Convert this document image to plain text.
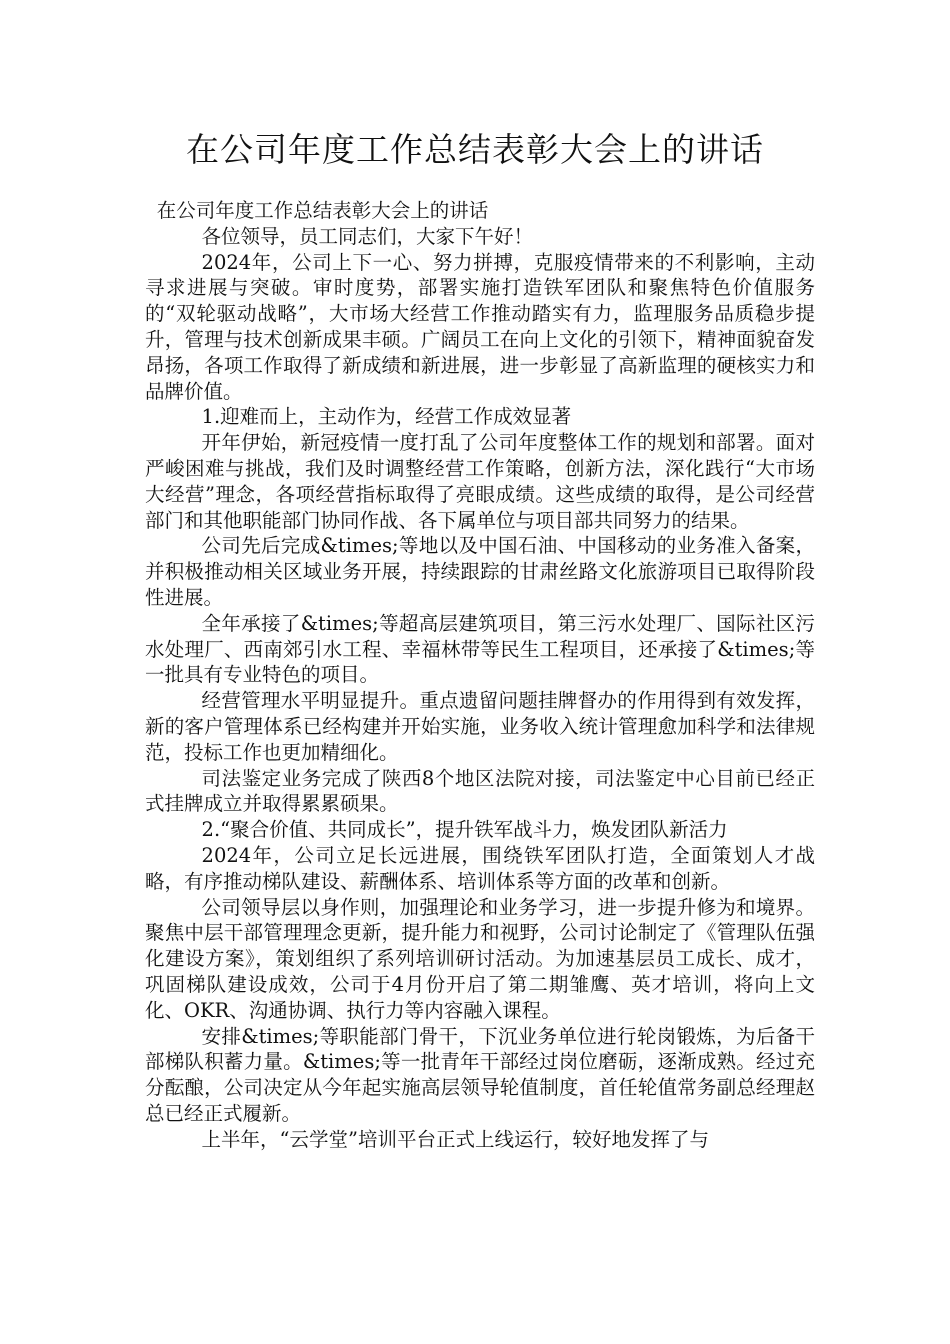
在公司年度工作总结表彰大会上的讲话

在公司年度工作总结表彰大会上的讲话

各位领导，员工同志们，大家下午好！

2024年，公司上下一心、努力拼搏，克服疫情带来的不利影响，主动寻求进展与突破。审时度势，部署实施打造铁军团队和聚焦特色价值服务的“双轮驱动战略”，大市场大经营工作推动踏实有力，监理服务品质稳步提升，管理与技术创新成果丰硕。广阔员工在向上文化的引领下，精神面貌奋发昂扬，各项工作取得了新成绩和新进展，进一步彰显了高新监理的硬核实力和品牌价值。

1.迎难而上，主动作为，经营工作成效显著

开年伊始，新冠疫情一度打乱了公司年度整体工作的规划和部署。面对严峻困难与挑战，我们及时调整经营工作策略，创新方法，深化践行“大市场大经营”理念，各项经营指标取得了亮眼成绩。这些成绩的取得，是公司经营部门和其他职能部门协同作战、各下属单位与项目部共同努力的结果。

公司先后完成&times;等地以及中国石油、中国移动的业务准入备案，并积极推动相关区域业务开展，持续跟踪的甘肃丝路文化旅游项目已取得阶段性进展。

全年承接了&times;等超高层建筑项目，第三污水处理厂、国际社区污水处理厂、西南郊引水工程、幸福林带等民生工程项目，还承接了&times;等一批具有专业特色的项目。

经营管理水平明显提升。重点遗留问题挂牌督办的作用得到有效发挥，新的客户管理体系已经构建并开始实施，业务收入统计管理愈加科学和法律规范，投标工作也更加精细化。

司法鉴定业务完成了陕西8个地区法院对接，司法鉴定中心目前已经正式挂牌成立并取得累累硕果。

2.“聚合价值、共同成长”，提升铁军战斗力，焕发团队新活力

2024年，公司立足长远进展，围绕铁军团队打造，全面策划人才战略，有序推动梯队建设、薪酬体系、培训体系等方面的改革和创新。

公司领导层以身作则，加强理论和业务学习，进一步提升修为和境界。聚焦中层干部管理理念更新，提升能力和视野，公司讨论制定了《管理队伍强化建设方案》，策划组织了系列培训研讨活动。为加速基层员工成长、成才，巩固梯队建设成效，公司于4月份开启了第二期雏鹰、英才培训，将向上文化、OKR、沟通协调、执行力等内容融入课程。

安排&times;等职能部门骨干，下沉业务单位进行轮岗锻炼，为后备干部梯队积蓄力量。&times;等一批青年干部经过岗位磨砺，逐渐成熟。经过充分酝酿，公司决定从今年起实施高层领导轮值制度，首任轮值常务副总经理赵总已经正式履新。

上半年，“云学堂”培训平台正式上线运行，较好地发挥了与
